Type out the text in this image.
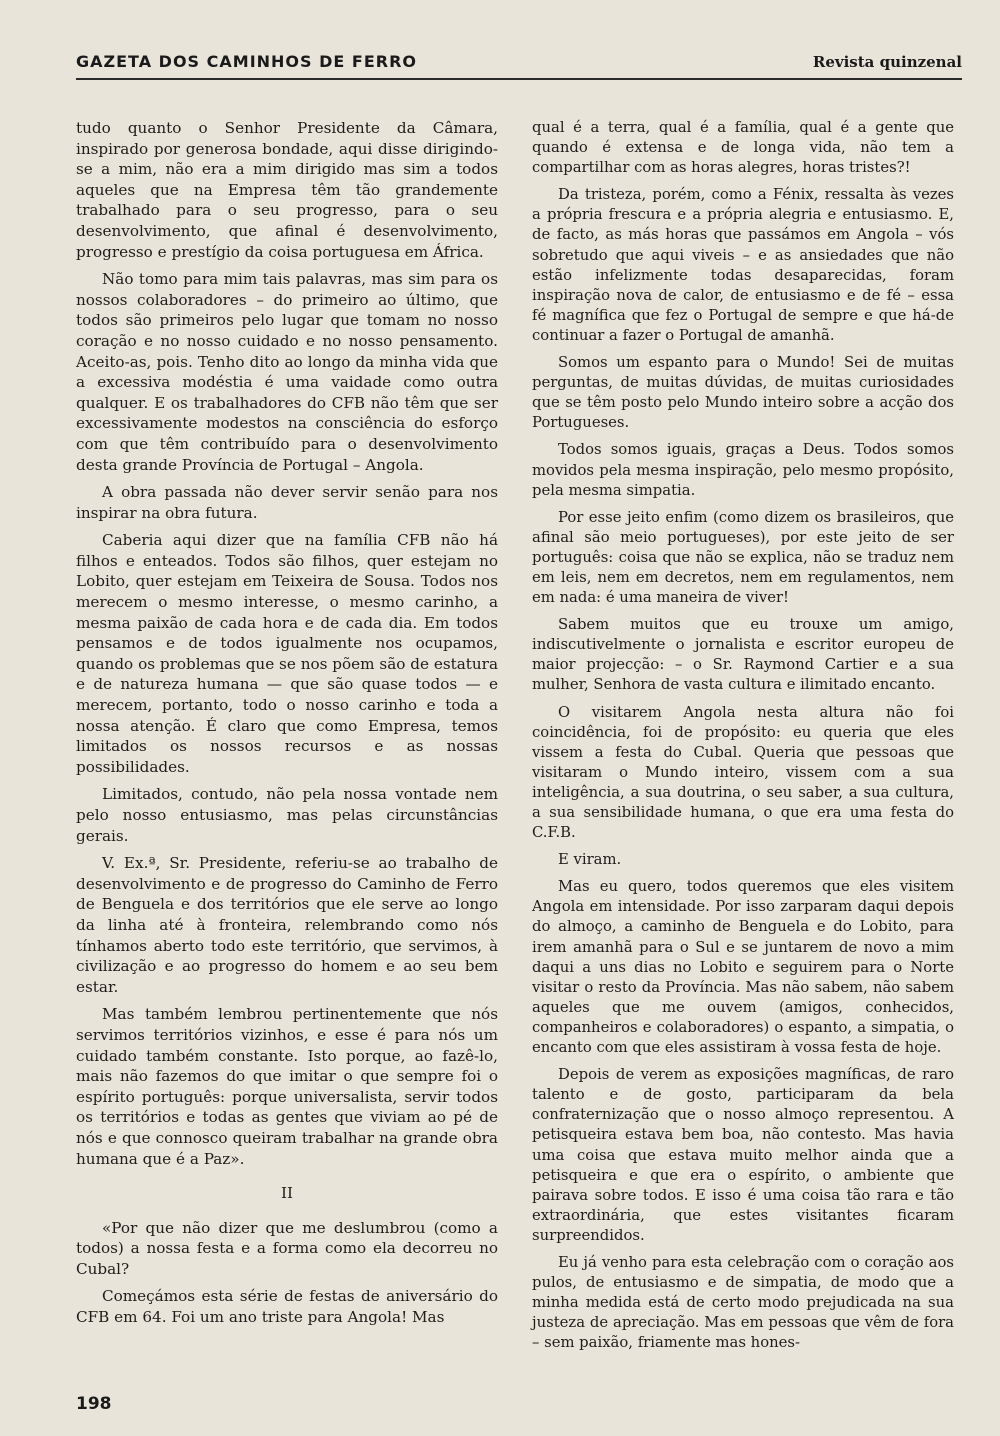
GAZETA DOS CAMINHOS DE FERRO	Revista quinzenal

tudo quanto o Senhor Presidente da Câmara, inspirado por generosa bondade, aqui disse dirigindo-se a mim, não era a mim dirigido mas sim a todos aqueles que na Empresa têm tão grandemente trabalhado para o seu progresso, para o seu desenvolvimento, que afinal é desenvolvimento, progresso e prestígio da coisa portuguesa em África.

Não tomo para mim tais palavras, mas sim para os nossos colaboradores – do primeiro ao último, que todos são primeiros pelo lugar que tomam no nosso coração e no nosso cuidado e no nosso pensamento. Aceito-as, pois. Tenho dito ao longo da minha vida que a excessiva modéstia é uma vaidade como outra qualquer. E os trabalhadores do CFB não têm que ser excessivamente modestos na consciência do esforço com que têm contribuído para o desenvolvimento desta grande Província de Portugal – Angola.

A obra passada não dever servir senão para nos inspirar na obra futura.

Caberia aqui dizer que na família CFB não há filhos e enteados. Todos são filhos, quer estejam no Lobito, quer estejam em Teixeira de Sousa. Todos nos merecem o mesmo interesse, o mesmo carinho, a mesma paixão de cada hora e de cada dia. Em todos pensamos e de todos igualmente nos ocupamos, quando os problemas que se nos põem são de estatura e de natureza humana — que são quase todos — e merecem, portanto, todo o nosso carinho e toda a nossa atenção. É claro que como Empresa, temos limitados os nossos recursos e as nossas possibilidades.

Limitados, contudo, não pela nossa vontade nem pelo nosso entusiasmo, mas pelas circunstâncias gerais.

V. Ex.ª, Sr. Presidente, referiu-se ao trabalho de desenvolvimento e de progresso do Caminho de Ferro de Benguela e dos territórios que ele serve ao longo da linha até à fronteira, relembrando como nós tínhamos aberto todo este território, que servimos, à civilização e ao progresso do homem e ao seu bem estar.

Mas também lembrou pertinentemente que nós servimos territórios vizinhos, e esse é para nós um cuidado também constante. Isto porque, ao fazê-lo, mais não fazemos do que imitar o que sempre foi o espírito português: porque universalista, servir todos os territórios e todas as gentes que viviam ao pé de nós e que connosco queiram trabalhar na grande obra humana que é a Paz».

II

«Por que não dizer que me deslumbrou (como a todos) a nossa festa e a forma como ela decorreu no Cubal?

Começámos esta série de festas de aniversário do CFB em 64. Foi um ano triste para Angola! Mas

qual é a terra, qual é a família, qual é a gente que quando é extensa e de longa vida, não tem a compartilhar com as horas alegres, horas tristes?!

Da tristeza, porém, como a Fénix, ressalta às vezes a própria frescura e a própria alegria e entusiasmo. E, de facto, as más horas que passámos em Angola – vós sobretudo que aqui viveis – e as ansiedades que não estão infelizmente todas desaparecidas, foram inspiração nova de calor, de entusiasmo e de fé – essa fé magnífica que fez o Portugal de sempre e que há-de continuar a fazer o Portugal de amanhã.

Somos um espanto para o Mundo! Sei de muitas perguntas, de muitas dúvidas, de muitas curiosidades que se têm posto pelo Mundo inteiro sobre a acção dos Portugueses.

Todos somos iguais, graças a Deus. Todos somos movidos pela mesma inspiração, pelo mesmo propósito, pela mesma simpatia.

Por esse jeito enfim (como dizem os brasileiros, que afinal são meio portugueses), por este jeito de ser português: coisa que não se explica, não se traduz nem em leis, nem em decretos, nem em regulamentos, nem em nada: é uma maneira de viver!

Sabem muitos que eu trouxe um amigo, indiscutivelmente o jornalista e escritor europeu de maior projecção: – o Sr. Raymond Cartier e a sua mulher, Senhora de vasta cultura e ilimitado encanto.

O visitarem Angola nesta altura não foi coincidência, foi de propósito: eu queria que eles vissem a festa do Cubal. Queria que pessoas que visitaram o Mundo inteiro, vissem com a sua inteligência, a sua doutrina, o seu saber, a sua cultura, a sua sensibilidade humana, o que era uma festa do C.F.B.

E viram.

Mas eu quero, todos queremos que eles visitem Angola em intensidade. Por isso zarparam daqui depois do almoço, a caminho de Benguela e do Lobito, para irem amanhã para o Sul e se juntarem de novo a mim daqui a uns dias no Lobito e seguirem para o Norte visitar o resto da Província. Mas não sabem, não sabem aqueles que me ouvem (amigos, conhecidos, companheiros e colaboradores) o espanto, a simpatia, o encanto com que eles assistiram à vossa festa de hoje.

Depois de verem as exposições magníficas, de raro talento e de gosto, participaram da bela confraternização que o nosso almoço representou. A petisqueira estava bem boa, não contesto. Mas havia uma coisa que estava muito melhor ainda que a petisqueira e que era o espírito, o ambiente que pairava sobre todos. E isso é uma coisa tão rara e tão extraordinária, que estes visitantes ficaram surpreendidos.

Eu já venho para esta celebração com o coração aos pulos, de entusiasmo e de simpatia, de modo que a minha medida está de certo modo prejudicada na sua justeza de apreciação. Mas em pessoas que vêm de fora – sem paixão, friamente mas hones-

198
